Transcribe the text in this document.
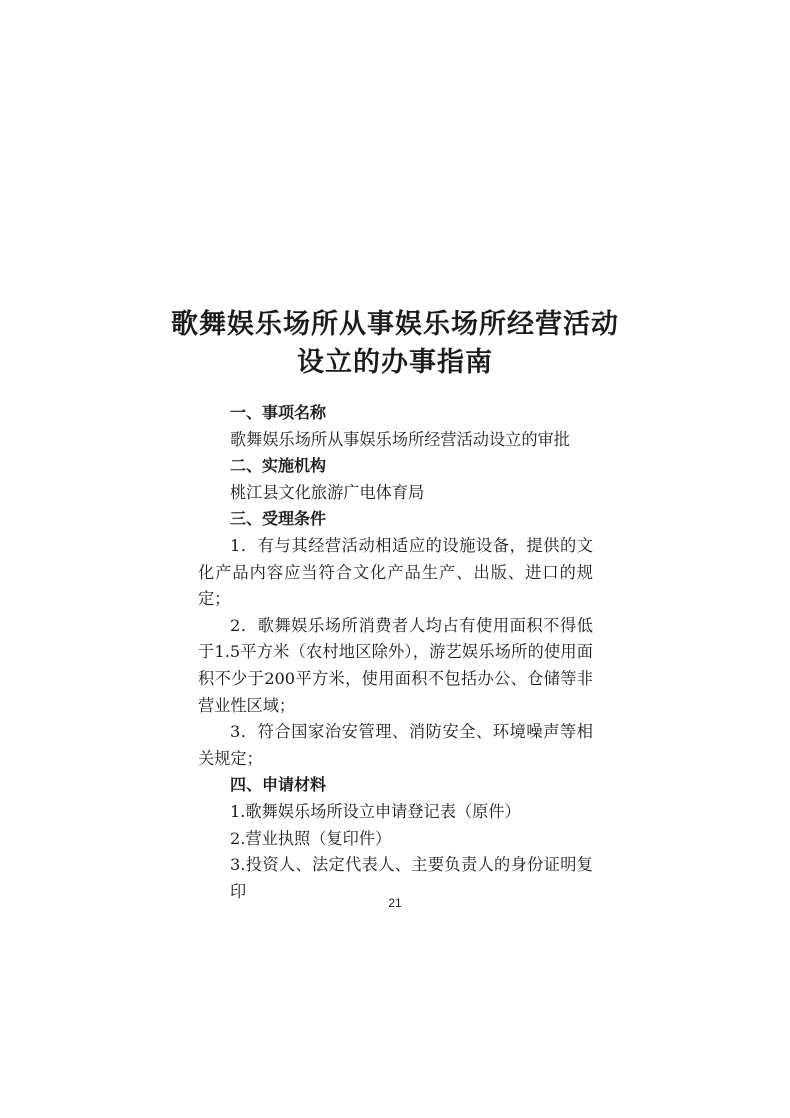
歌舞娱乐场所从事娱乐场所经营活动
设立的办事指南

一、事项名称

歌舞娱乐场所从事娱乐场所经营活动设立的审批

二、实施机构

桃江县文化旅游广电体育局

三、受理条件

1．有与其经营活动相适应的设施设备，提供的文化产品内容应当符合文化产品生产、出版、进口的规定；

2．歌舞娱乐场所消费者人均占有使用面积不得低于1.5平方米（农村地区除外），游艺娱乐场所的使用面积不少于200平方米，使用面积不包括办公、仓储等非营业性区域；

3．符合国家治安管理、消防安全、环境噪声等相关规定；

四、申请材料

1.歌舞娱乐场所设立申请登记表（原件）

2.营业执照（复印件）

3.投资人、法定代表人、主要负责人的身份证明复印

21
